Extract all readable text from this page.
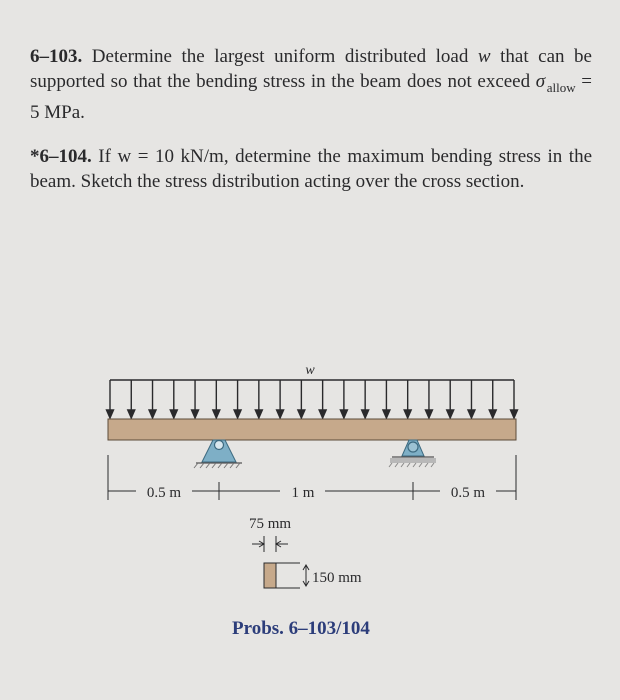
6–103. Determine the largest uniform distributed load w that can be supported so that the bending stress in the beam does not exceed σ  $_{allow}$ = 5 MPa.
*6–104. If w = 10 kN/m, determine the maximum bending stress in the beam. Sketch the stress distribution acting over the cross section.
w
0.5 m	1 m	0.5 m
75 mm
150 mm
Probs. 6–103/104
